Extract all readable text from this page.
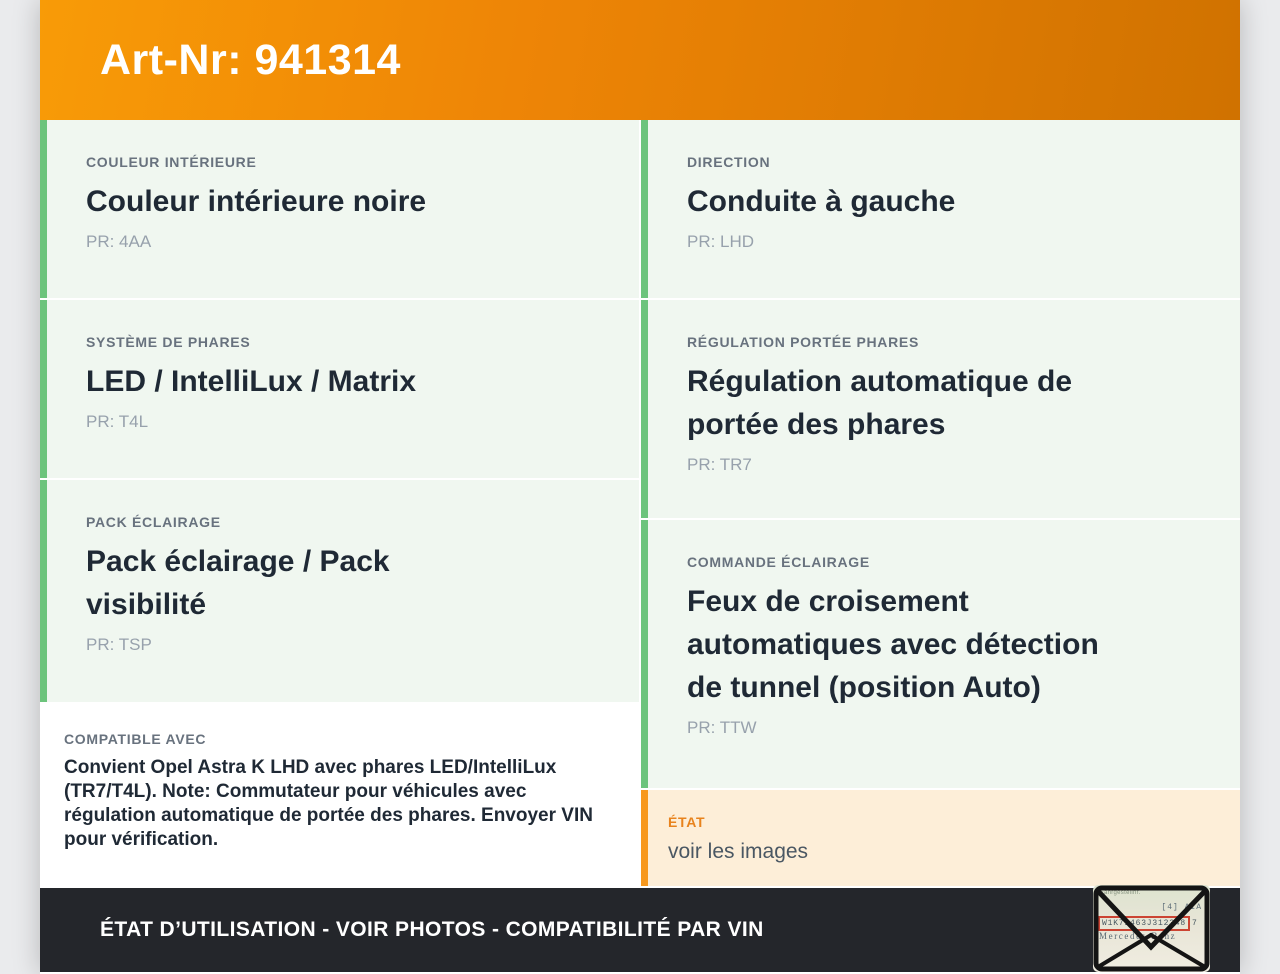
Art-Nr: 941314

COULEUR INTÉRIEURE

Couleur intérieure noire

PR: 4AA

SYSTÈME DE PHARES

LED / IntelliLux / Matrix

PR: T4L

PACK ÉCLAIRAGE

Pack éclairage / Pack visibilité

PR: TSP

COMPATIBLE AVEC

Convient Opel Astra K LHD avec phares LED/IntelliLux (TR7/T4L). Note: Commutateur pour véhicules avec régulation automatique de portée des phares. Envoyer VIN pour vérification.

DIRECTION

Conduite à gauche

PR: LHD

RÉGULATION PORTÉE PHARES

Régulation automatique de portée des phares

PR: TR7

COMMANDE ÉCLAIRAGE

Feux de croisement automatiques avec détection de tunnel (position Auto)

PR: TTW

ÉTAT

voir les images

ÉTAT D’UTILISATION - VOIR PHOTOS - COMPATIBILITÉ PAR VIN

Fahrgestellnr.
[4] AIA
W1K71463J312348 7
Mercedes-Benz
